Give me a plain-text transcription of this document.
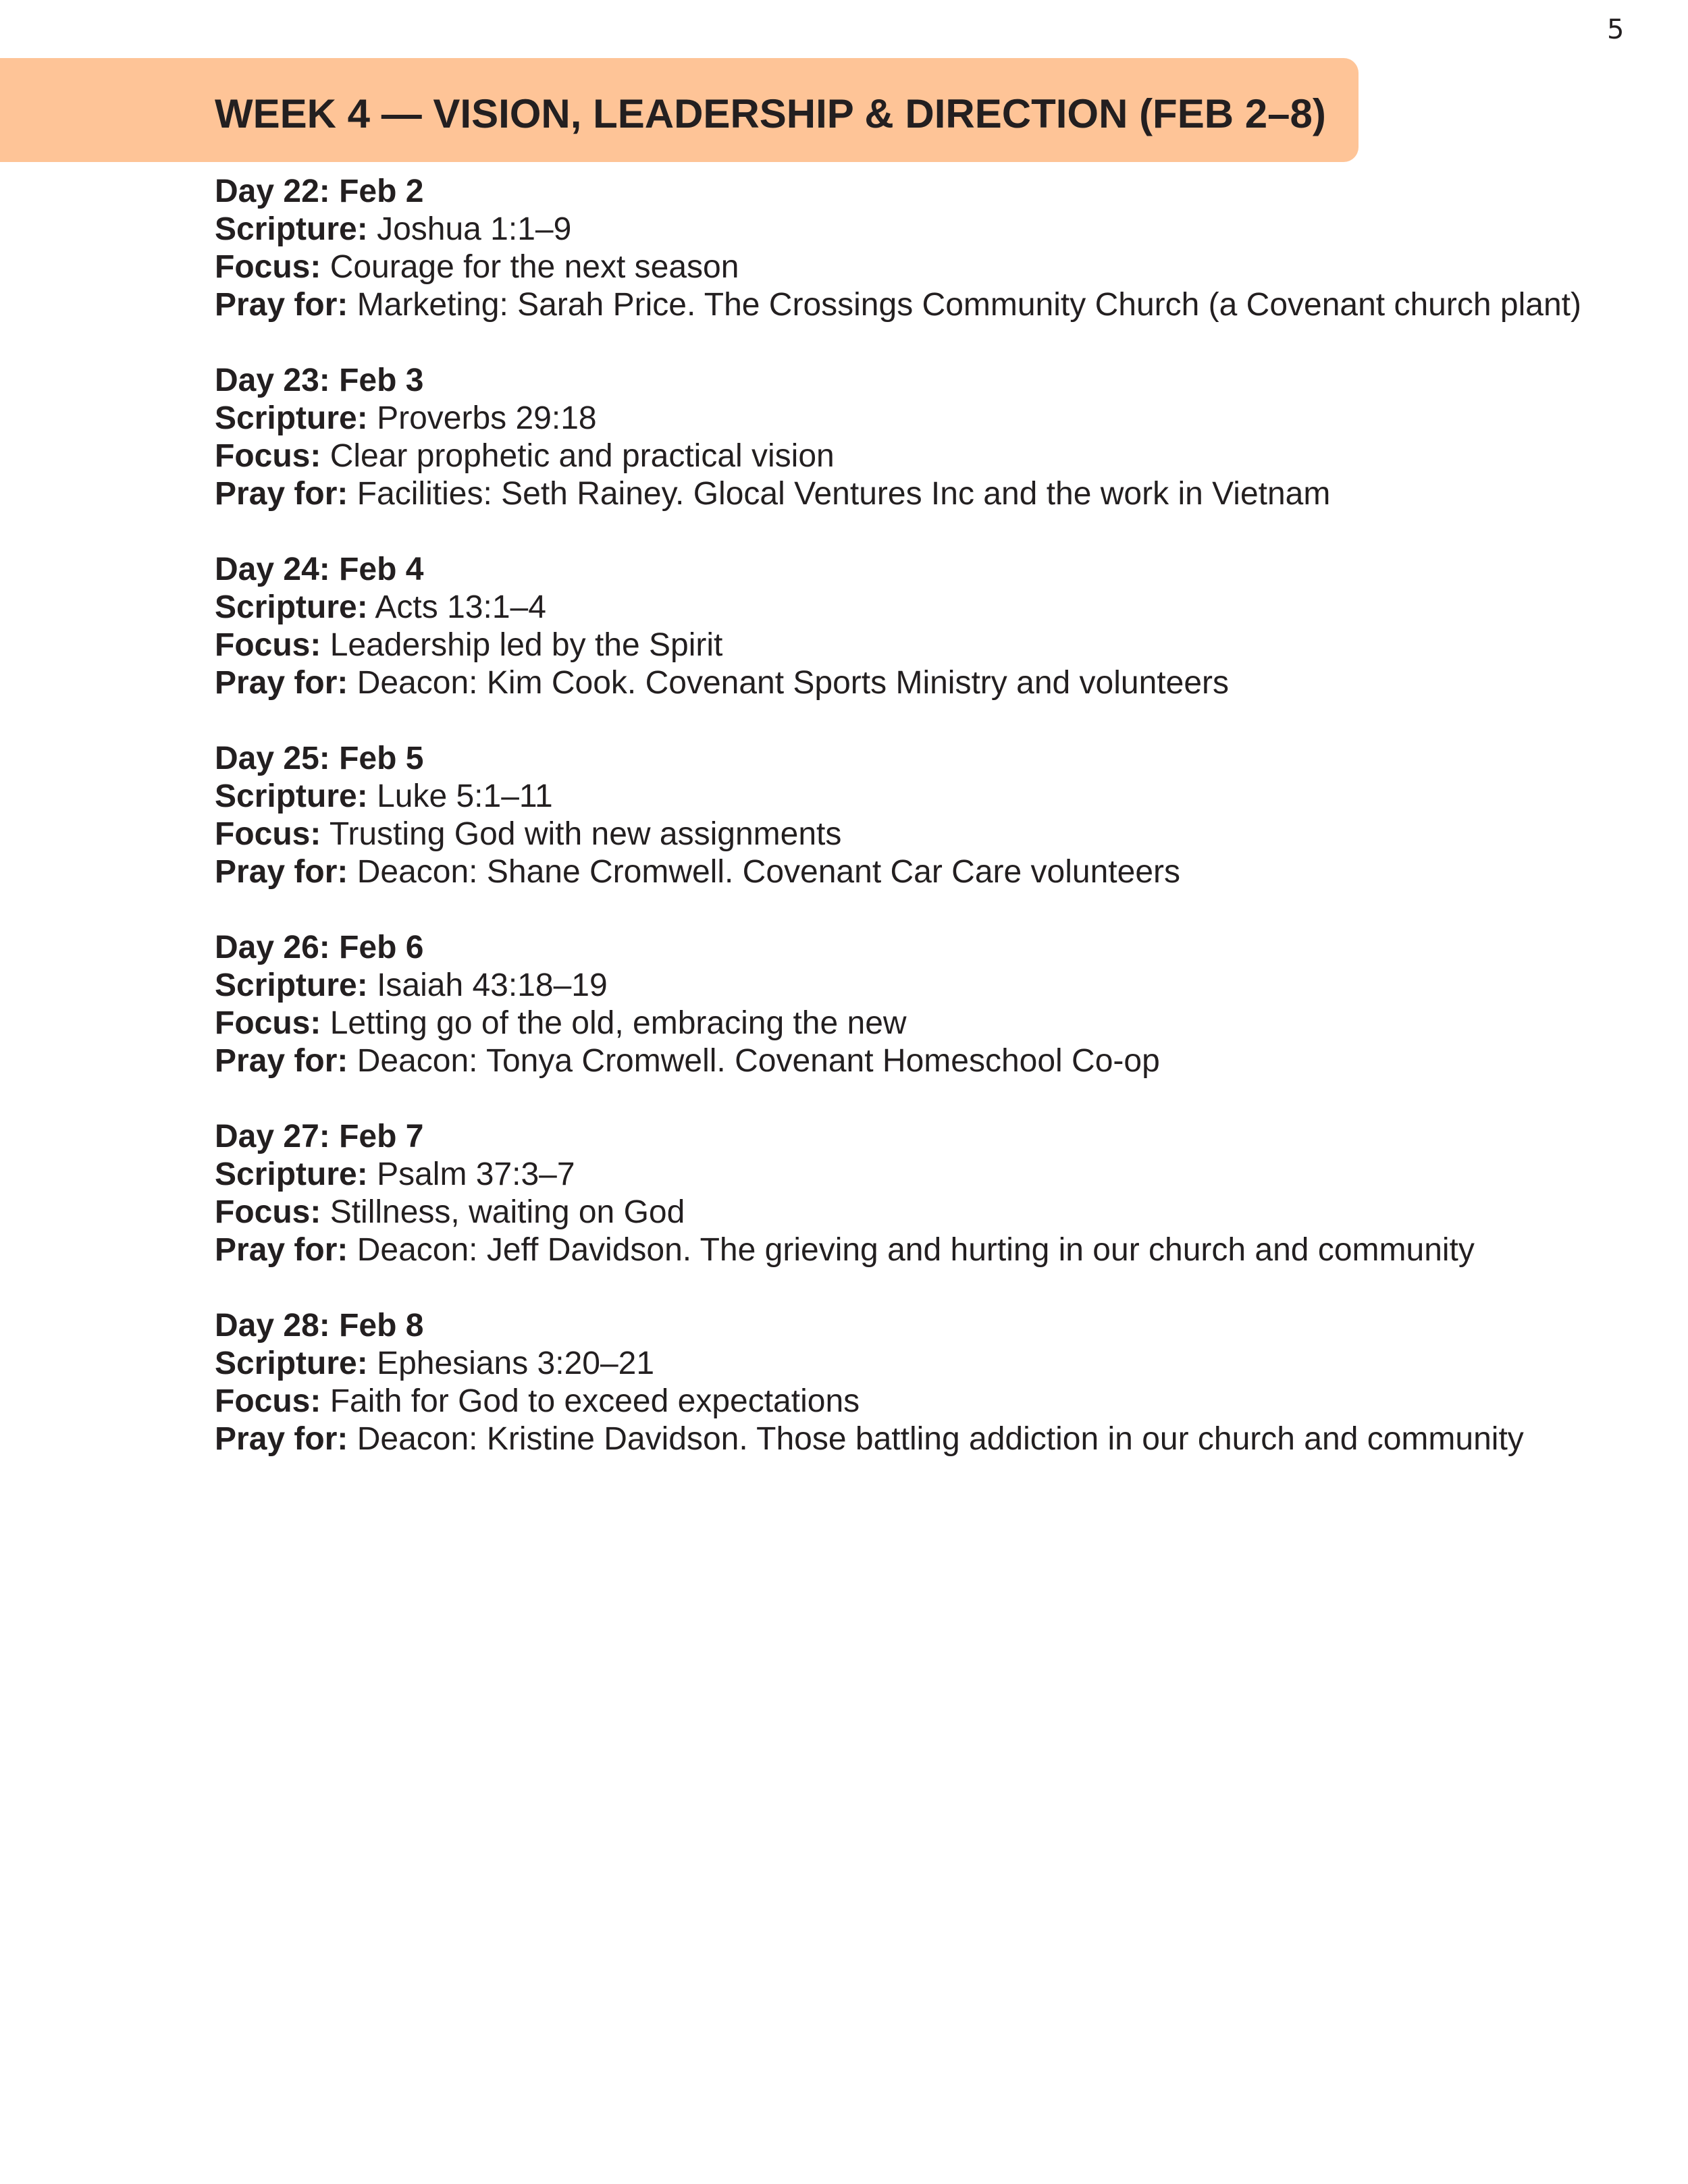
5
WEEK 4 — VISION, LEADERSHIP & DIRECTION (FEB 2–8)
Day 22: Feb 2
Scripture: Joshua 1:1–9
Focus: Courage for the next season
Pray for: Marketing: Sarah Price. The Crossings Community Church (a Covenant church plant)
Day 23: Feb 3
Scripture: Proverbs 29:18
Focus: Clear prophetic and practical vision
Pray for: Facilities: Seth Rainey. Glocal Ventures Inc and the work in Vietnam
Day 24: Feb 4
Scripture: Acts 13:1–4
Focus: Leadership led by the Spirit
Pray for: Deacon: Kim Cook. Covenant Sports Ministry and volunteers
Day 25: Feb 5
Scripture: Luke 5:1–11
Focus: Trusting God with new assignments
Pray for: Deacon: Shane Cromwell. Covenant Car Care volunteers
Day 26: Feb 6
Scripture: Isaiah 43:18–19
Focus: Letting go of the old, embracing the new
Pray for: Deacon: Tonya Cromwell. Covenant Homeschool Co-op
Day 27: Feb 7
Scripture: Psalm 37:3–7
Focus: Stillness, waiting on God
Pray for: Deacon: Jeff Davidson. The grieving and hurting in our church and community
Day 28: Feb 8
Scripture: Ephesians 3:20–21
Focus: Faith for God to exceed expectations
Pray for: Deacon: Kristine Davidson. Those battling addiction in our church and community
